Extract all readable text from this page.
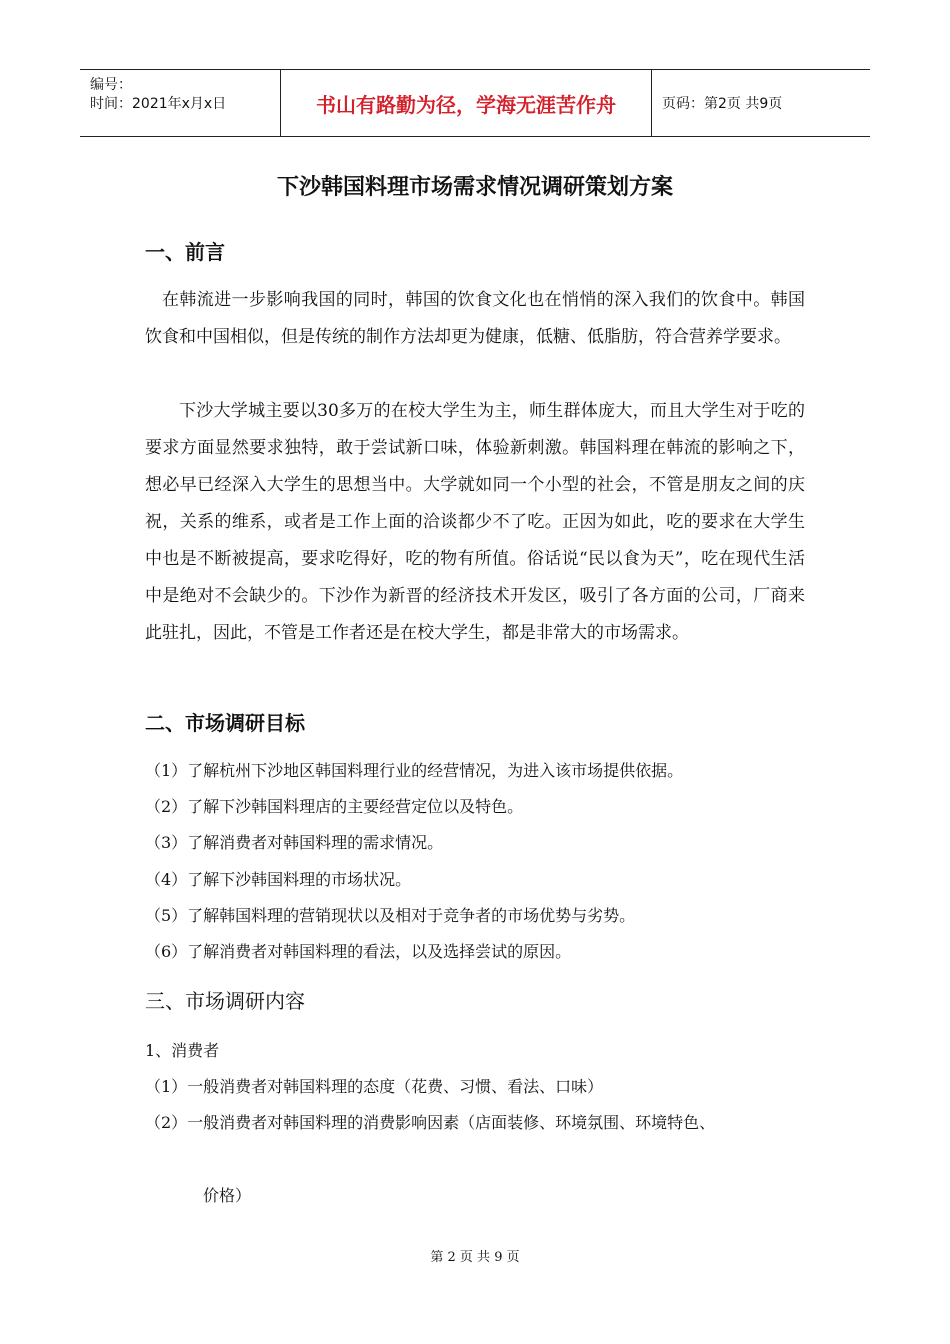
编号：
时间：2021年x月x日	书山有路勤为径，学海无涯苦作舟	页码：第2页 共9页
下沙韩国料理市场需求情况调研策划方案
一、前言
在韩流进一步影响我国的同时，韩国的饮食文化也在悄悄的深入我们的饮食中。韩国饮食和中国相似，但是传统的制作方法却更为健康，低糖、低脂肪，符合营养学要求。
下沙大学城主要以30多万的在校大学生为主，师生群体庞大，而且大学生对于吃的要求方面显然要求独特，敢于尝试新口味，体验新刺激。韩国料理在韩流的影响之下，想必早已经深入大学生的思想当中。大学就如同一个小型的社会，不管是朋友之间的庆祝，关系的维系，或者是工作上面的洽谈都少不了吃。正因为如此，吃的要求在大学生中也是不断被提高，要求吃得好，吃的物有所值。俗话说“民以食为天”，吃在现代生活中是绝对不会缺少的。下沙作为新晋的经济技术开发区，吸引了各方面的公司，厂商来此驻扎，因此，不管是工作者还是在校大学生，都是非常大的市场需求。
二、市场调研目标
（1）了解杭州下沙地区韩国料理行业的经营情况，为进入该市场提供依据。
（2）了解下沙韩国料理店的主要经营定位以及特色。
（3）了解消费者对韩国料理的需求情况。
（4）了解下沙韩国料理的市场状况。
（5）了解韩国料理的营销现状以及相对于竞争者的市场优势与劣势。
（6）了解消费者对韩国料理的看法，以及选择尝试的原因。
三、市场调研内容
1、消费者
（1）一般消费者对韩国料理的态度（花费、习惯、看法、口味）
（2）一般消费者对韩国料理的消费影响因素（店面装修、环境氛围、环境特色、
价格）
第 2 页 共 9 页
